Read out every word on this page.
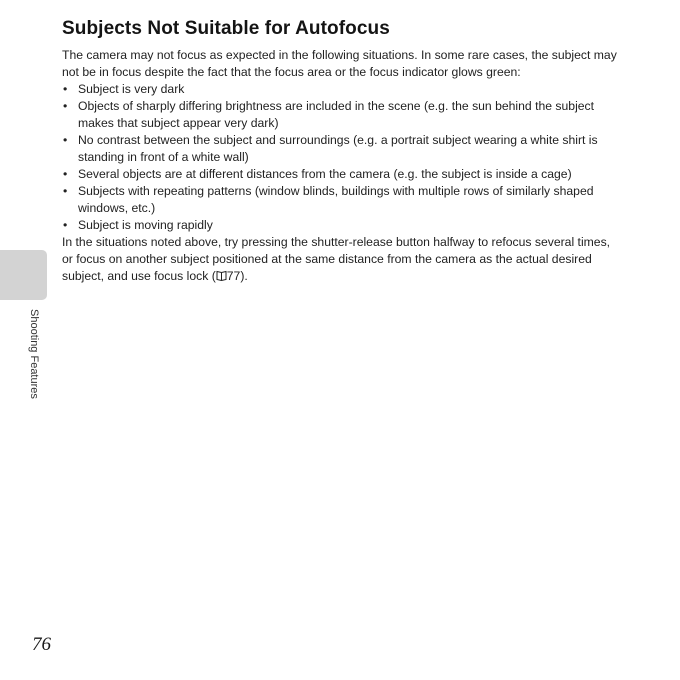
Subjects Not Suitable for Autofocus

The camera may not focus as expected in the following situations. In some rare cases, the subject may not be in focus despite the fact that the focus area or the focus indicator glows green:

• Subject is very dark
• Objects of sharply differing brightness are included in the scene (e.g. the sun behind the subject makes that subject appear very dark)
• No contrast between the subject and surroundings (e.g. a portrait subject wearing a white shirt is standing in front of a white wall)
• Several objects are at different distances from the camera (e.g. the subject is inside a cage)
• Subjects with repeating patterns (window blinds, buildings with multiple rows of similarly shaped windows, etc.)
• Subject is moving rapidly

In the situations noted above, try pressing the shutter-release button halfway to refocus several times, or focus on another subject positioned at the same distance from the camera as the actual desired subject, and use focus lock ( 77).

Shooting Features
76
